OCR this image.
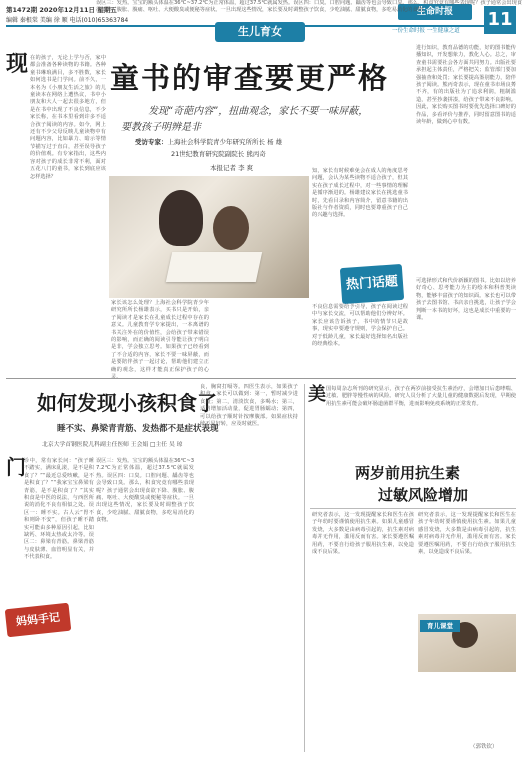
第1472期 2020年12月11日 星期五
编辑 秦根棠 美编 徐 顺 电话(010)65363784
生儿育女
生命时报
一份生命时报 一生健康之道
11
现 在的孩子，无论上学与否，家中都会准备各种读物的书籍。各种童书琳琅满目，多不胜数，家长如何选书是门学问。前不久，一本名为《小朋友生活之旅》的儿童读本在网络上遭热议，书中小朋友和大人一起去很多地方，但是在书中出现了不良信息，不少家长称，在书本里看到许多不适合孩子阅读的内容。如今，网上还有不少父母反映儿童读物中有问题内容，比如暴力、暗示等情节描写过于直白，甚至误导孩子的价值观。有专家指出，这些内容对孩子的成长非常不利，面对五花八门的童书，家长到底应该怎样选择？
童书的审查要更严格
发现“奇葩内容”，扭曲观念，家长不要一味屏蔽，
要教孩子明辨是非
受访专家：上海社会科学院青少年研究所所长 杨 雄
21世纪教育研究院副院长 熊丙奇
本报记者 李 爽
家长该怎么处理？上海社会科学院青少年研究所所长杨雄表示，买书只是开始，亲子阅读才是家长在孔童成长过程中存在的意义。儿童教育学专家提出，一本离谱的书关注外在的价值性，会给孩子带来错误的影响，而正确的阅读引导能让孩子明白是非，学会独立思考。如果孩子已经看到了不合适的内容，家长不要一味屏蔽，而是要陪伴孩子一起讨论，帮助他们建立正确的观念，这样才能真正保护孩子的心
知，家长有时候难免会在成人的角度思考问题，会认为某些读物不适合孩子，但其实在孩子成长过程中，对一些事情的理解是循序渐进的。杨雄建议家长在挑选童书时，先看目录和内容简介，留意书籍的出版社与作者资质，同时也要尊重孩子自己的兴趣与选择。
热门话题
不良信息需要给予引导，孩子在阅读过程中与家长交流，可以帮助他们分辨好坏。家长应该告诉孩子，书中的情节只是故事，现实中要遵守规则，学会保护自己。对于低龄儿童，家长最好选择知名出版社的经典绘本。
进行知识，教育品德的功能，好的图书能传播知识，开发想象力，教化人心。总之，审查童书需要社会各方面共同努力。出版社要承担起主体责任，严格把关；监管部门要加强抽查和处罚；家长要提高鉴别能力，陪伴孩子阅读。熊丙奇表示，现在童书市场良莠不齐，有的出版社为了追求利润，粗制滥造，甚至抄袭拼凑，给孩子带来不良影响。因此，家长购买图书时要优先选择口碑好的作品，多看评价与推荐，同时留意图书的适读年龄，做到心中有数。
可选择形式和代价新颖的图书。比如以培养好奇心、思考能力为主的绘本和科普类读物，能够丰富孩子的知识面。家长也可以带孩子去图书馆、书店亲自挑选，让孩子学会判断一本书的好坏，这也是成长中重要的一课。
如何发现小孩积食了
睡不实、鼻梁青青筋、发热都不是症状表现
北京大学首钢医院儿科副主任医师 王会娟 □主任 吴 琼
门
诊中，常有家长问：“孩子睡不踏实，满床乱滚，是不是积食了？”“最近总爱咳嗽，是不是积食了？”“我家宝宝鼻梁有青筋，是不是积食了？”其实积食是中医的说法，与西医所说的消化不良有相似之处。误区一：睡不实。古人云“胃不和则卧不安”，但孩子睡不踏实可能由多种原因引起，比如缺钙、环境太热或太冷等。误区二：鼻梁有青筋。鼻梁青筋与皮肤薄、血管明显有关，并不代表积食。
妈妈手记
误区三：发热。宝宝的额头体温在36℃~37.2℃为正常体温，超过37.5℃就属发热。误区四：口臭。口腔问题、龋齿等也会导致口臭。那么，积食究竟有哪些表现呢？孩子通常会出现食欲下降、腹胀、腹痛、呕吐、大便酸臭或便秘等症状。一旦出现这些情况，家长要及时调整孩子饮食，少吃油腻、甜腻食物，多吃易消化的食物。
误区三：发热。宝宝的额头体温在36℃~37.2℃为正常体温，超过37.5℃就属发热。误区四：口臭。口腔问题、龋齿等也会导致口臭。那么，积食究竟有哪些表现呢？孩子通常会出现食欲下降、腹胀、腹痛、呕吐、大便酸臭或便秘等症状。一旦出现这些情况，家长要及时调整孩子饮食，少吃油腻、甜腻食物，多吃易消化的食物。
良，胸窝打嗝等。四医生表示，如果孩子积食，家长可以做到：第一，暂时减少进食量；第二，清淡饮食，多喝水；第三，适当增加活动量，促进胃肠蠕动；第四，可以给孩子顺时针按摩腹部。如果症状持续不见好转，应及时就医。
美 国每周杂志所刊的研究显示，孩子在两岁前接受抗生素治疗，会增加日后患哮喘、过敏、肥胖等慢性病的风险。研究人员分析了大量儿童的健康数据后发现，早期使用抗生素可能会破坏肠道菌群平衡，进而影响免疫系统的正常发育。
两岁前用抗生素
过敏风险增加
育儿课堂
研究者表示，这一发现提醒家长和医生在孩子年幼时要谨慎使用抗生素。如果儿童感冒发烧，大多数是由病毒引起的，抗生素对病毒并无作用，滥用反而有害。家长要遵医嘱用药，不要自行给孩子服用抗生素，以免造成不良后果。
研究者表示，这一发现提醒家长和医生在孩子年幼时要谨慎使用抗生素。如果儿童感冒发烧，大多数是由病毒引起的，抗生素对病毒并无作用，滥用反而有害。家长要遵医嘱用药，不要自行给孩子服用抗生素，以免造成不良后果。
（郭铁钦）
